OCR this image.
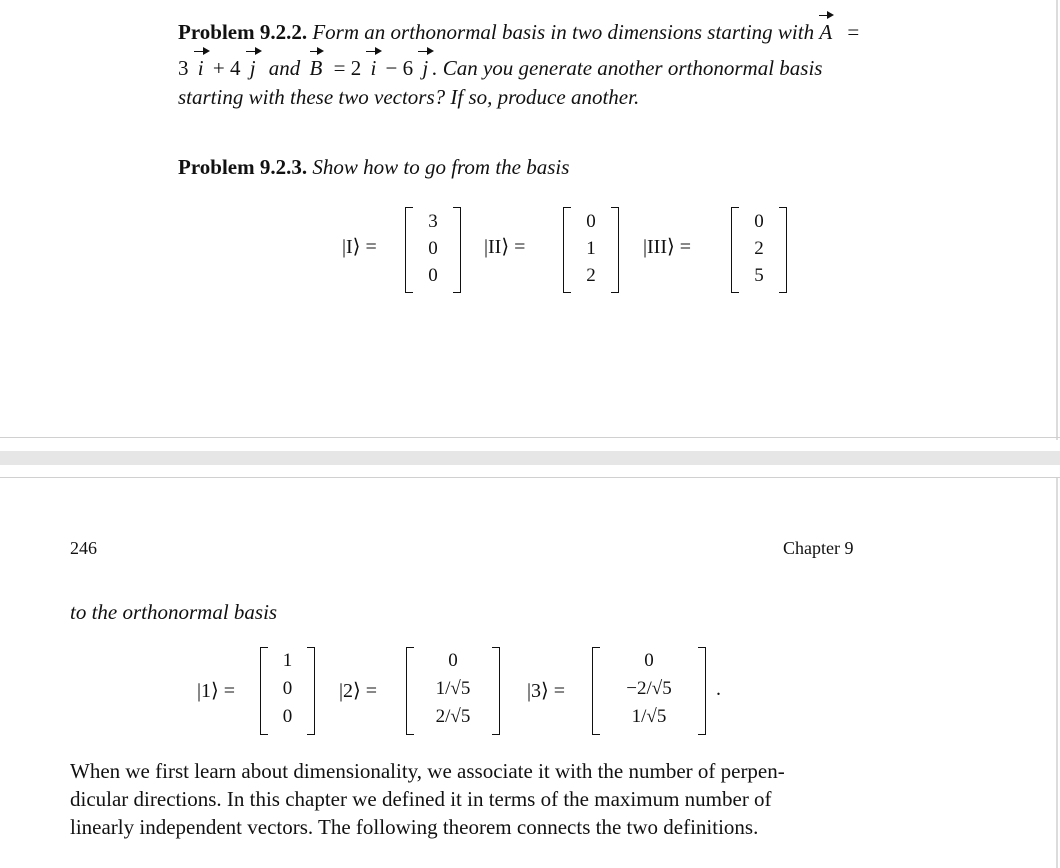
Problem 9.2.2. Form an orthonormal basis in two dimensions starting with A =
3 i + 4 j and B = 2 i − 6 j . Can you generate another orthonormal basis
starting with these two vectors? If so, produce another.
Problem 9.2.3. Show how to go from the basis
|I⟩ =
3
0
0
|II⟩ =
0
1
2
|III⟩ =
0
2
5
246	Chapter 9
to the orthonormal basis
|1⟩ =
1
0
0
|2⟩ =
0
1/√5
2/√5
|3⟩ =
0
−2/√5
1/√5
.
When we first learn about dimensionality, we associate it with the number of perpen-
dicular directions. In this chapter we defined it in terms of the maximum number of
linearly independent vectors. The following theorem connects the two definitions.
